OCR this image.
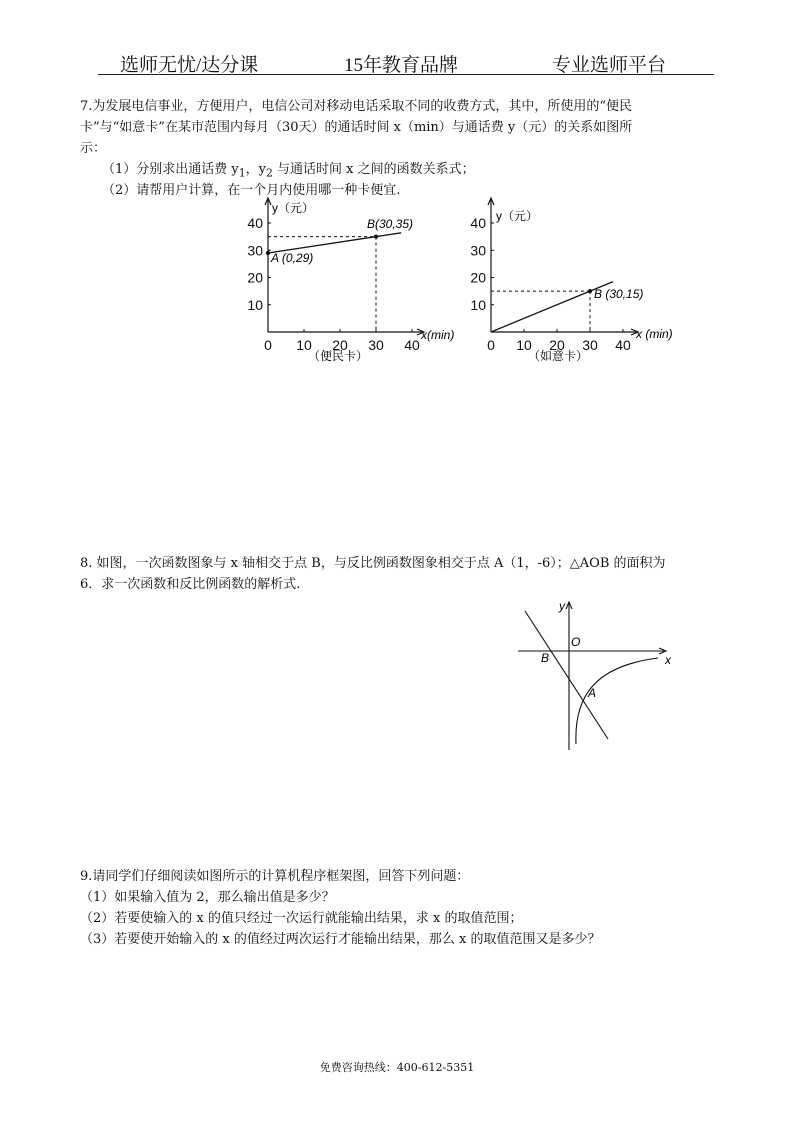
选师无忧/达分课	15年教育品牌	专业选师平台
7.为发展电信事业，方便用户，电信公司对移动电话采取不同的收费方式，其中，所使用的“便民
卡”与“如意卡”在某市范围内每月（30天）的通话时间 x（min）与通话费 y（元）的关系如图所
示：
（1）分别求出通话费 $y_1$，$y_2$ 与通话时间 x 之间的函数关系式；
（2）请帮用户计算，在一个月内使用哪一种卡便宜.
0 10 20 30 40
10
20
30
40
y（元）
x(min)
A (0,29)
B(30,35)
（便民卡）
0 10 20 30 40
10
20
30
40 y（元）
x (min)
B (30,15)
（如意卡）
8. 如图，一次函数图象与 x 轴相交于点 B，与反比例函数图象相交于点 A（1，-6）；△AOB 的面积为
6．求一次函数和反比例函数的解析式.
y
x
O
B
A
9.请同学们仔细阅读如图所示的计算机程序框架图，回答下列问题：
（1）如果输入值为 2，那么输出值是多少？
（2）若要使输入的 x 的值只经过一次运行就能输出结果，求 x 的取值范围；
（3）若要使开始输入的 x 的值经过两次运行才能输出结果，那么 x 的取值范围又是多少？
免费咨询热线：400-612-5351
